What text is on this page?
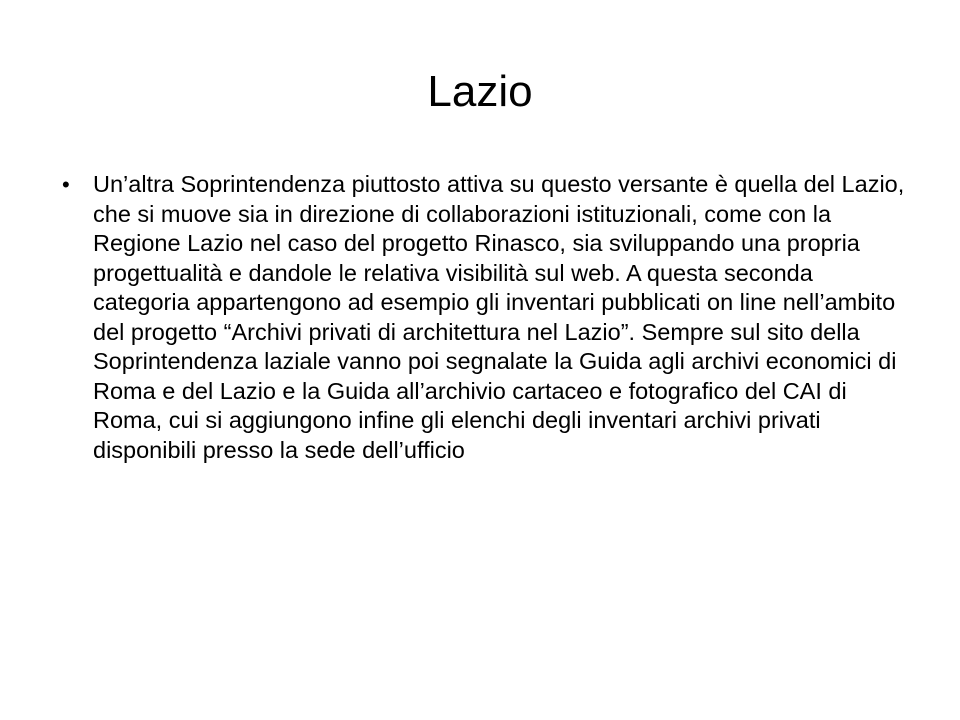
Lazio
• Un’altra Soprintendenza piuttosto attiva su questo versante è quella del Lazio, che si muove sia in direzione di collaborazioni istituzionali, come con la Regione Lazio nel caso del progetto Rinasco, sia sviluppando una propria progettualità e dandole le relativa visibilità sul web. A questa seconda categoria appartengono ad esempio gli inventari pubblicati on line nell’ambito del progetto “Archivi privati di architettura nel Lazio”. Sempre sul sito della Soprintendenza laziale vanno poi segnalate la Guida agli archivi economici di Roma e del Lazio e la Guida all’archivio cartaceo e fotografico del CAI di Roma, cui si aggiungono infine gli elenchi degli inventari archivi privati disponibili presso la sede dell’ufficio
